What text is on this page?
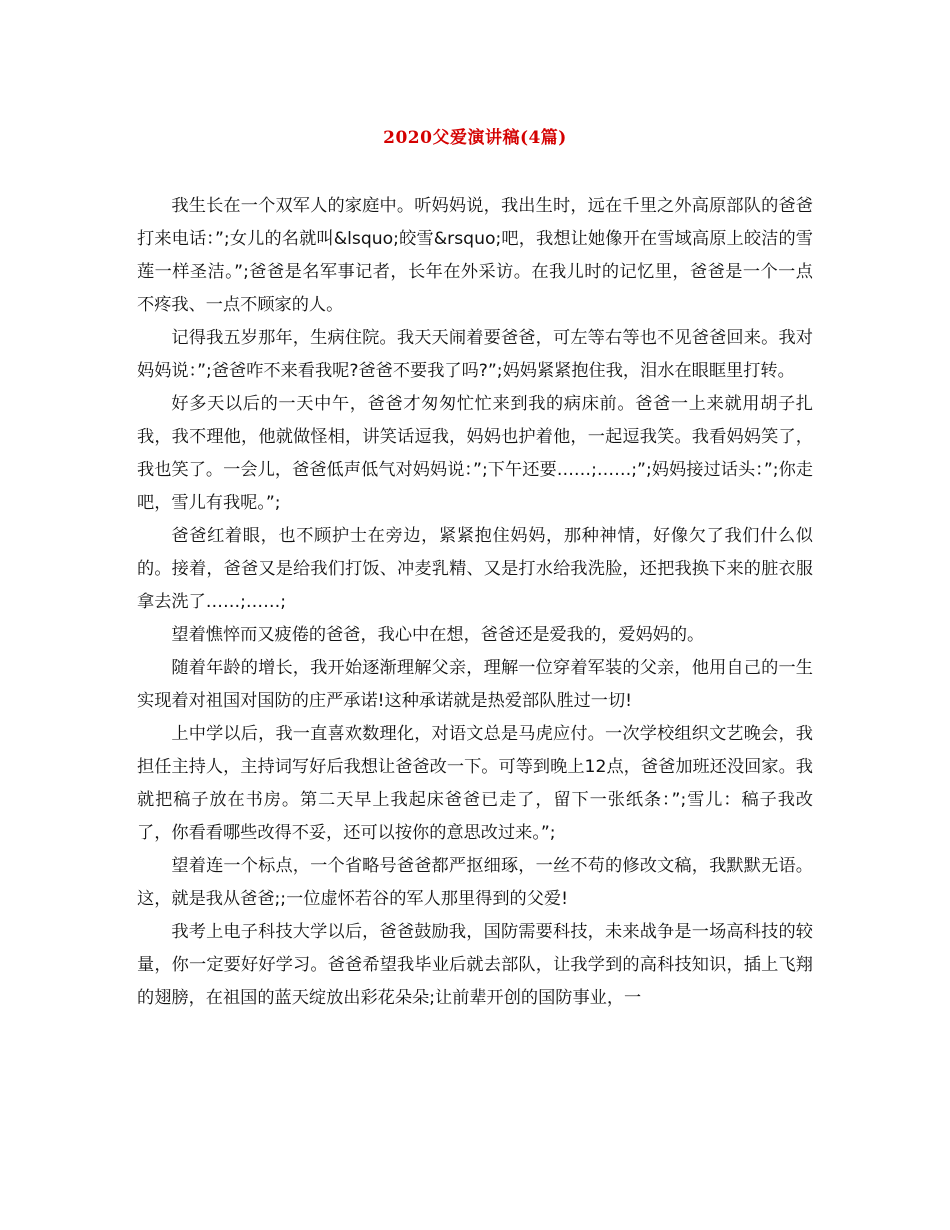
2020父爱演讲稿(4篇)

我生长在一个双军人的家庭中。听妈妈说，我出生时，远在千里之外高原部队的爸爸打来电话：”;女儿的名就叫&lsquo;皎雪&rsquo;吧，我想让她像开在雪域高原上皎洁的雪莲一样圣洁。”;爸爸是名军事记者，长年在外采访。在我儿时的记忆里，爸爸是一个一点不疼我、一点不顾家的人。

记得我五岁那年，生病住院。我天天闹着要爸爸，可左等右等也不见爸爸回来。我对妈妈说：”;爸爸咋不来看我呢?爸爸不要我了吗?”;妈妈紧紧抱住我，泪水在眼眶里打转。

好多天以后的一天中午，爸爸才匆匆忙忙来到我的病床前。爸爸一上来就用胡子扎我，我不理他，他就做怪相，讲笑话逗我，妈妈也护着他，一起逗我笑。我看妈妈笑了，我也笑了。一会儿，爸爸低声低气对妈妈说：”;下午还要……;……;”;妈妈接过话头：”;你走吧，雪儿有我呢。”;

爸爸红着眼，也不顾护士在旁边，紧紧抱住妈妈，那种神情，好像欠了我们什么似的。接着，爸爸又是给我们打饭、冲麦乳精、又是打水给我洗脸，还把我换下来的脏衣服拿去洗了……;……;

望着憔悴而又疲倦的爸爸，我心中在想，爸爸还是爱我的，爱妈妈的。

随着年龄的增长，我开始逐渐理解父亲，理解一位穿着军装的父亲，他用自己的一生实现着对祖国对国防的庄严承诺!这种承诺就是热爱部队胜过一切!

上中学以后，我一直喜欢数理化，对语文总是马虎应付。一次学校组织文艺晚会，我担任主持人，主持词写好后我想让爸爸改一下。可等到晚上12点，爸爸加班还没回家。我就把稿子放在书房。第二天早上我起床爸爸已走了，留下一张纸条：”;雪儿：稿子我改了，你看看哪些改得不妥，还可以按你的意思改过来。”;

望着连一个标点，一个省略号爸爸都严抠细琢，一丝不苟的修改文稿，我默默无语。这，就是我从爸爸;;一位虚怀若谷的军人那里得到的父爱!

我考上电子科技大学以后，爸爸鼓励我，国防需要科技，未来战争是一场高科技的较量，你一定要好好学习。爸爸希望我毕业后就去部队，让我学到的高科技知识，插上飞翔的翅膀，在祖国的蓝天绽放出彩花朵朵;让前辈开创的国防事业，一
